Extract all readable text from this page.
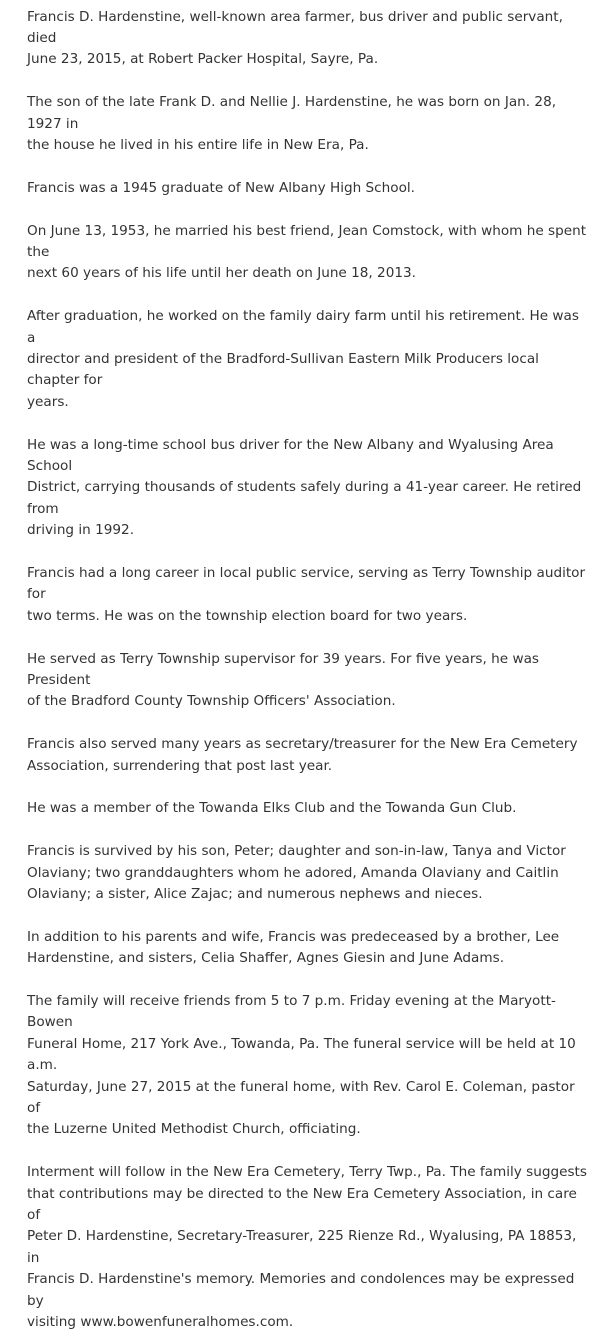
Francis D. Hardenstine, well-known area farmer, bus driver and public servant, died
June 23, 2015, at Robert Packer Hospital, Sayre, Pa.

The son of the late Frank D. and Nellie J. Hardenstine, he was born on Jan. 28, 1927 in
the house he lived in his entire life in New Era, Pa.

Francis was a 1945 graduate of New Albany High School.

On June 13, 1953, he married his best friend, Jean Comstock, with whom he spent the
next 60 years of his life until her death on June 18, 2013.

After graduation, he worked on the family dairy farm until his retirement. He was a
director and president of the Bradford-Sullivan Eastern Milk Producers local chapter for
years.

He was a long-time school bus driver for the New Albany and Wyalusing Area School
District, carrying thousands of students safely during a 41-year career. He retired from
driving in 1992.

Francis had a long career in local public service, serving as Terry Township auditor for
two terms. He was on the township election board for two years.

He served as Terry Township supervisor for 39 years. For five years, he was President
of the Bradford County Township Officers' Association.

Francis also served many years as secretary/treasurer for the New Era Cemetery
Association, surrendering that post last year.

He was a member of the Towanda Elks Club and the Towanda Gun Club.

Francis is survived by his son, Peter; daughter and son-in-law, Tanya and Victor
Olaviany; two granddaughters whom he adored, Amanda Olaviany and Caitlin
Olaviany; a sister, Alice Zajac; and numerous nephews and nieces.

In addition to his parents and wife, Francis was predeceased by a brother, Lee
Hardenstine, and sisters, Celia Shaffer, Agnes Giesin and June Adams.

The family will receive friends from 5 to 7 p.m. Friday evening at the Maryott-Bowen
Funeral Home, 217 York Ave., Towanda, Pa. The funeral service will be held at 10 a.m.
Saturday, June 27, 2015 at the funeral home, with Rev. Carol E. Coleman, pastor of
the Luzerne United Methodist Church, officiating.

Interment will follow in the New Era Cemetery, Terry Twp., Pa. The family suggests
that contributions may be directed to the New Era Cemetery Association, in care of
Peter D. Hardenstine, Secretary-Treasurer, 225 Rienze Rd., Wyalusing, PA 18853, in
Francis D. Hardenstine's memory. Memories and condolences may be expressed by
visiting www.bowenfuneralhomes.com.
